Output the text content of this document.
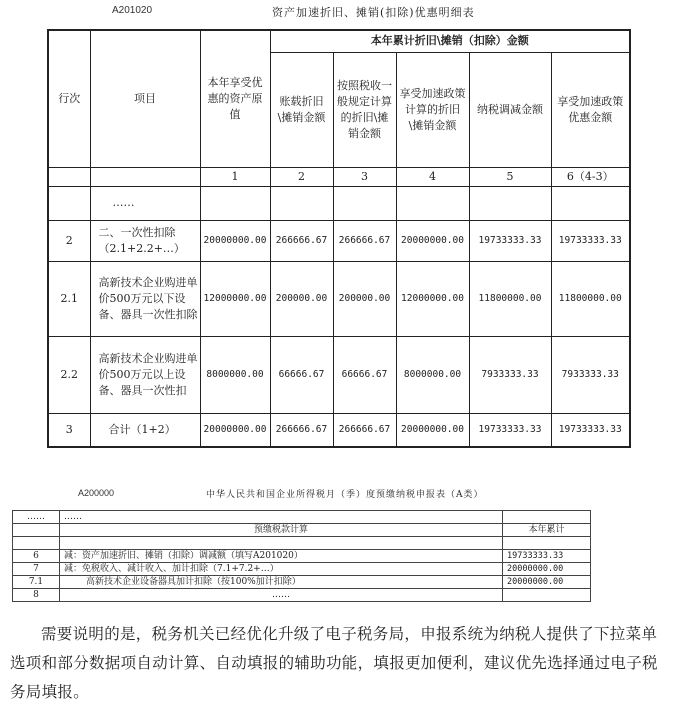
A201020	资产加速折旧、摊销(扣除)优惠明细表
行次	项目	本年享受优惠的资产原值	本年累计折旧\摊销（扣除）金额				
			账载折旧\摊销金额	按照税收一般规定计算的折旧\摊销金额	享受加速政策计算的折旧\摊销金额	纳税调减金额	享受加速政策优惠金额
		1	2	3	4	5	6（4-3）
	……						
2	二、一次性扣除（2.1+2.2+…）	20000000.00	266666.67	266666.67	20000000.00	19733333.33	19733333.33
2.1	高新技术企业购进单价500万元以下设备、器具一次性扣除	12000000.00	200000.00	200000.00	12000000.00	11800000.00	11800000.00
2.2	高新技术企业购进单价500万元以上设备、器具一次性扣	8000000.00	66666.67	66666.67	8000000.00	7933333.33	7933333.33
3	合计（1+2）	20000000.00	266666.67	266666.67	20000000.00	19733333.33	19733333.33
A200000	中华人民共和国企业所得税月（季）度预缴纳税申报表（A类）
……	……	
	预缴税款计算	本年累计

6	减：资产加速折旧、摊销（扣除）调减额（填写A201020）	19733333.33
7	减：免税收入、减计收入、加计扣除（7.1+7.2+…）	20000000.00
7.1	高新技术企业设备器具加计扣除（按100%加计扣除）	20000000.00
8	……	
需要说明的是，税务机关已经优化升级了电子税务局，申报系统为纳税人提供了下拉菜单选项和部分数据项自动计算、自动填报的辅助功能，填报更加便利，建议优先选择通过电子税务局填报。
